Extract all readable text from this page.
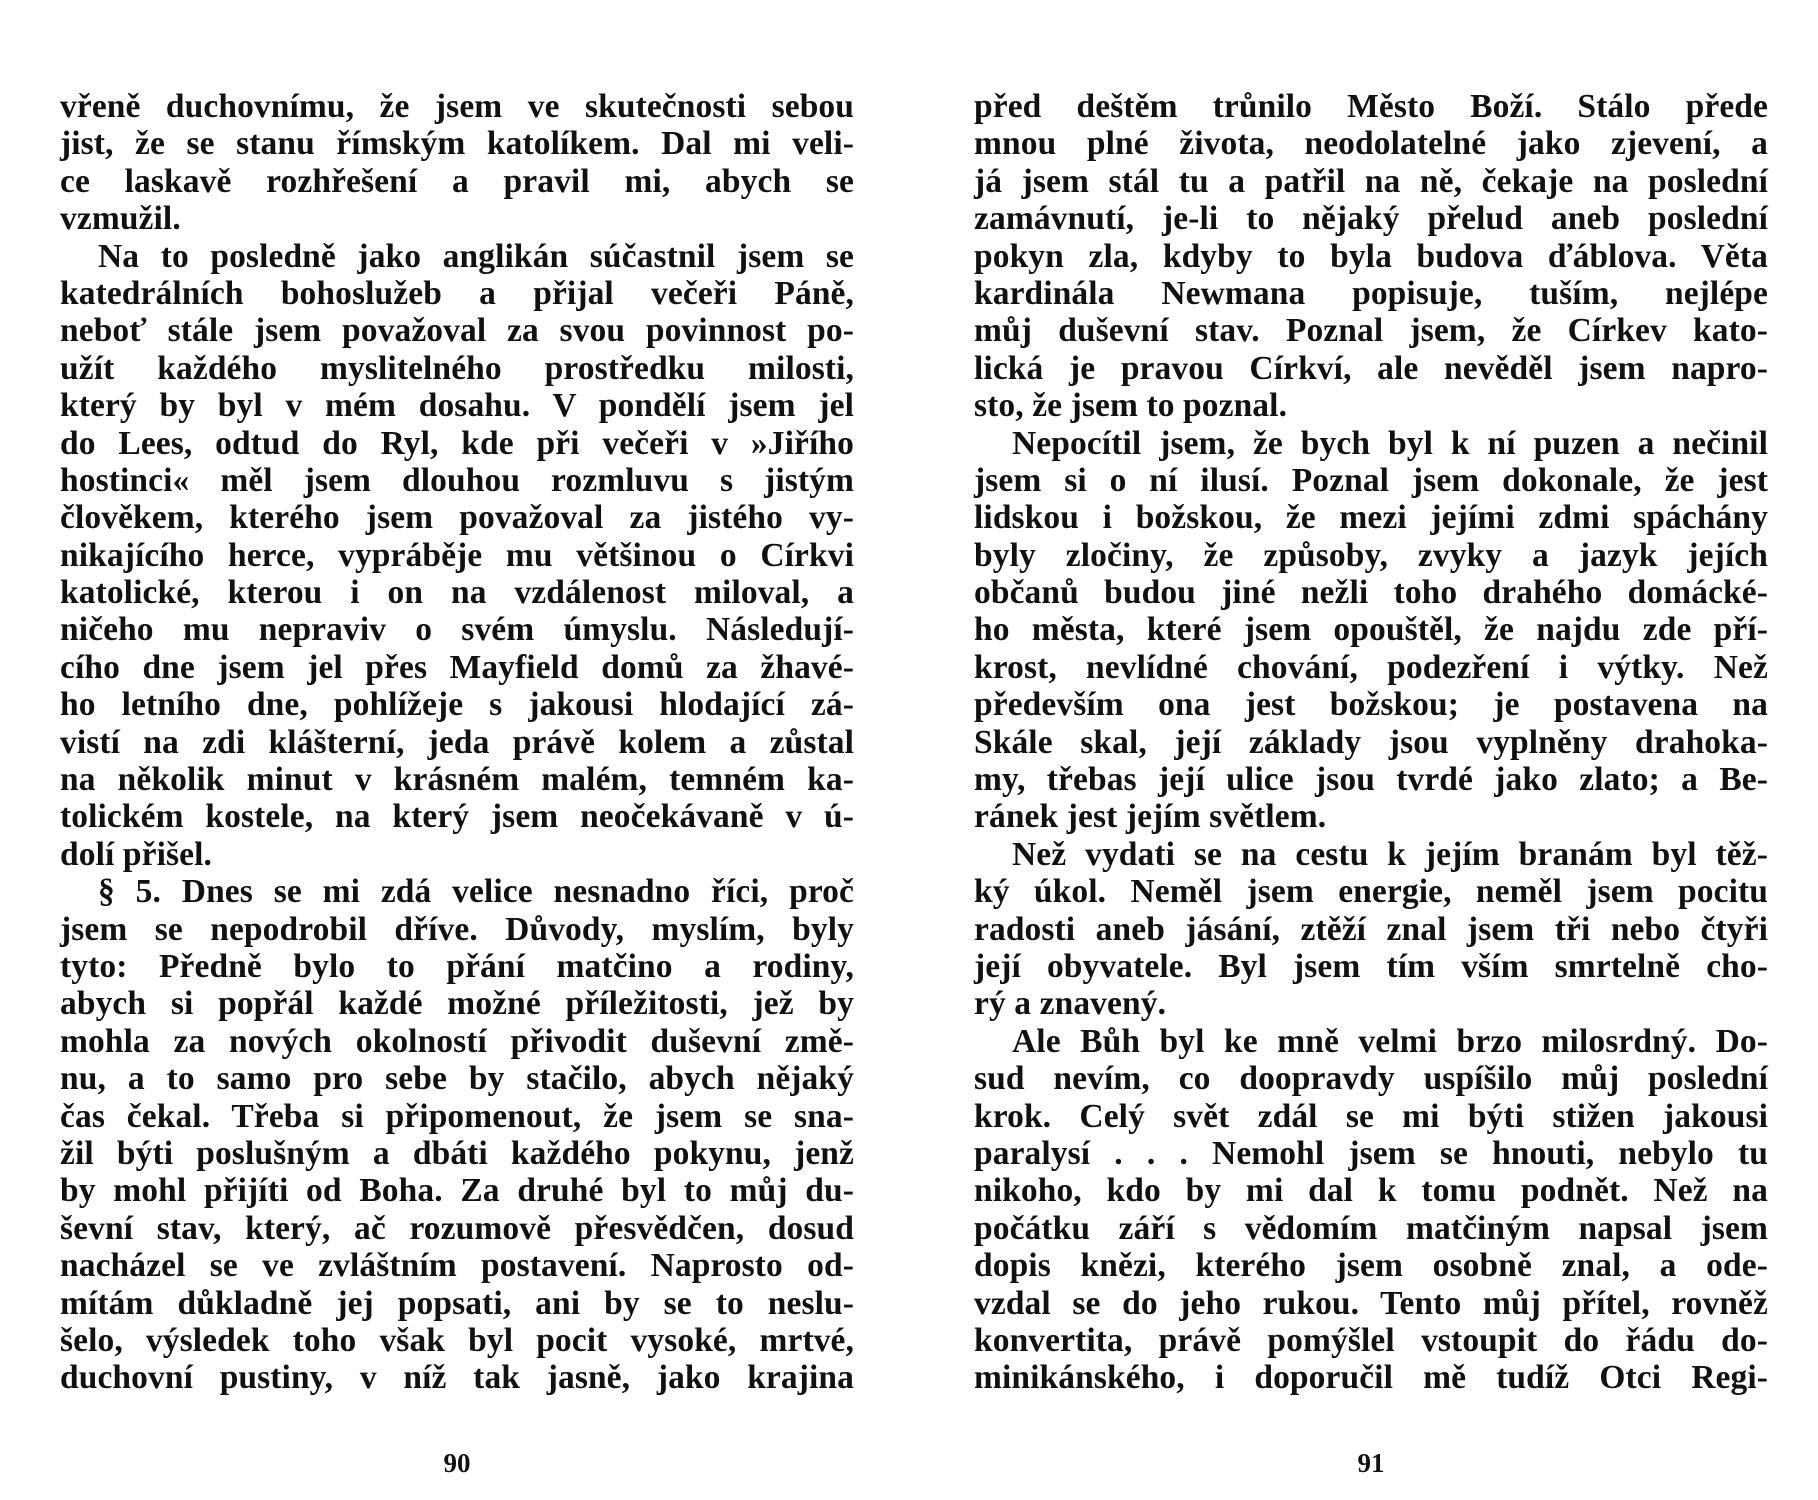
vřeně duchovnímu, že jsem ve skutečnosti sebou
jist, že se stanu římským katolíkem. Dal mi veli-
ce laskavě rozhřešení a pravil mi, abych se
vzmužil.
Na to posledně jako anglikán súčastnil jsem se
katedrálních bohoslužeb a přijal večeři Páně,
neboť stále jsem považoval za svou povinnost po-
užít každého myslitelného prostředku milosti,
který by byl v mém dosahu. V pondělí jsem jel
do Lees, odtud do Ryl, kde při večeři v »Jiřího
hostinci« měl jsem dlouhou rozmluvu s jistým
člověkem, kterého jsem považoval za jistého vy-
nikajícího herce, vypráběje mu většinou o Církvi
katolické, kterou i on na vzdálenost miloval, a
ničeho mu nepraviv o svém úmyslu. Následují-
cího dne jsem jel přes Mayfield domů za žhavé-
ho letního dne, pohlížeje s jakousi hlodající zá-
vistí na zdi klášterní, jeda právě kolem a zůstal
na několik minut v krásném malém, temném ka-
tolickém kostele, na který jsem neočekávaně v ú-
dolí přišel.
§ 5. Dnes se mi zdá velice nesnadno říci, proč
jsem se nepodrobil dříve. Důvody, myslím, byly
tyto: Předně bylo to přání matčino a rodiny,
abych si popřál každé možné příležitosti, jež by
mohla za nových okolností přivodit duševní změ-
nu, a to samo pro sebe by stačilo, abych nějaký
čas čekal. Třeba si připomenout, že jsem se sna-
žil býti poslušným a dbáti každého pokynu, jenž
by mohl přijíti od Boha. Za druhé byl to můj du-
ševní stav, který, ač rozumově přesvědčen, dosud
nacházel se ve zvláštním postavení. Naprosto od-
mítám důkladně jej popsati, ani by se to neslu-
šelo, výsledek toho však byl pocit vysoké, mrtvé,
duchovní pustiny, v níž tak jasně, jako krajina
90
před deštěm trůnilo Město Boží. Stálo přede
mnou plné života, neodolatelné jako zjevení, a
já jsem stál tu a patřil na ně, čekaje na poslední
zamávnutí, je-li to nějaký přelud aneb poslední
pokyn zla, kdyby to byla budova ďáblova. Věta
kardinála Newmana popisuje, tuším, nejlépe
můj duševní stav. Poznal jsem, že Církev kato-
lická je pravou Církví, ale nevěděl jsem napro-
sto, že jsem to poznal.
Nepocítil jsem, že bych byl k ní puzen a nečinil
jsem si o ní ilusí. Poznal jsem dokonale, že jest
lidskou i božskou, že mezi jejími zdmi spáchány
byly zločiny, že způsoby, zvyky a jazyk jejích
občanů budou jiné nežli toho drahého domácké-
ho města, které jsem opouštěl, že najdu zde pří-
krost, nevlídné chování, podezření i výtky. Než
především ona jest božskou; je postavena na
Skále skal, její základy jsou vyplněny drahoka-
my, třebas její ulice jsou tvrdé jako zlato; a Be-
ránek jest jejím světlem.
Než vydati se na cestu k jejím branám byl těž-
ký úkol. Neměl jsem energie, neměl jsem pocitu
radosti aneb jásání, ztěží znal jsem tři nebo čtyři
její obyvatele. Byl jsem tím vším smrtelně cho-
rý a znavený.
Ale Bůh byl ke mně velmi brzo milosrdný. Do-
sud nevím, co doopravdy uspíšilo můj poslední
krok. Celý svět zdál se mi býti stižen jakousi
paralysí . . . Nemohl jsem se hnouti, nebylo tu
nikoho, kdo by mi dal k tomu podnět. Než na
počátku září s vědomím matčiným napsal jsem
dopis knězi, kterého jsem osobně znal, a ode-
vzdal se do jeho rukou. Tento můj přítel, rovněž
konvertita, právě pomýšlel vstoupit do řádu do-
minikánského, i doporučil mě tudíž Otci Regi-
91
